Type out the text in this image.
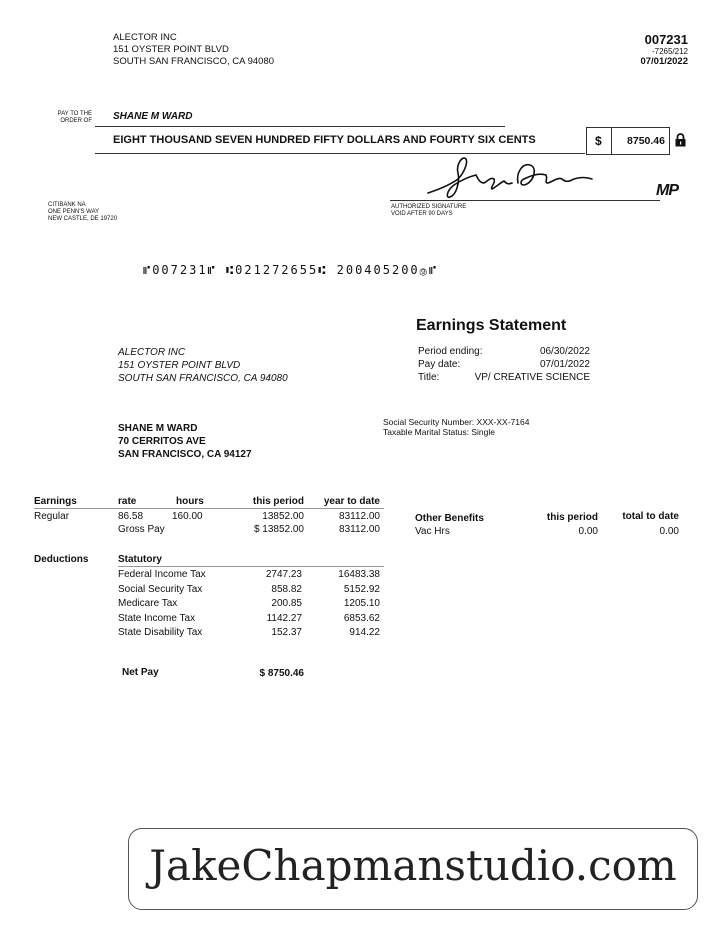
ALECTOR INC
151 OYSTER POINT BLVD
SOUTH SAN FRANCISCO, CA 94080
007231
-7265/212
07/01/2022
PAY TO THE
ORDER OF SHANE M WARD
EIGHT THOUSAND SEVEN HUNDRED FIFTY DOLLARS AND FOURTY SIX CENTS	$	8750.46
CITIBANK NA
ONE PENN'S WAY
NEW CASTLE, DE 19720
AUTHORIZED SIGNATURE
VOID AFTER 90 DAYS
MP
⑈007231⑈ ⑆021272655⑆ 200405200⑨⑈
Earnings Statement
Period ending:	06/30/2022
Pay date:	07/01/2022
Title:	VP/ CREATIVE SCIENCE
ALECTOR INC
151 OYSTER POINT BLVD
SOUTH SAN FRANCISCO, CA 94080
Social Security Number: XXX-XX-7164
Taxable Marital Status: Single
SHANE M WARD
70 CERRITOS AVE
SAN FRANCISCO, CA 94127
Earnings	rate	hours	this period	year to date
Regular	86.58	160.00	13852.00	83112.00
Gross Pay	$ 13852.00	83112.00
Other Benefits	this period	total to date
Vac Hrs	0.00	0.00
Deductions	Statutory
Federal Income Tax	2747.23	16483.38
Social Security Tax	858.82	5152.92
Medicare Tax	200.85	1205.10
State Income Tax	1142.27	6853.62
State Disability Tax	152.37	914.22
Net Pay	$ 8750.46
JakeChapmanstudio.com
